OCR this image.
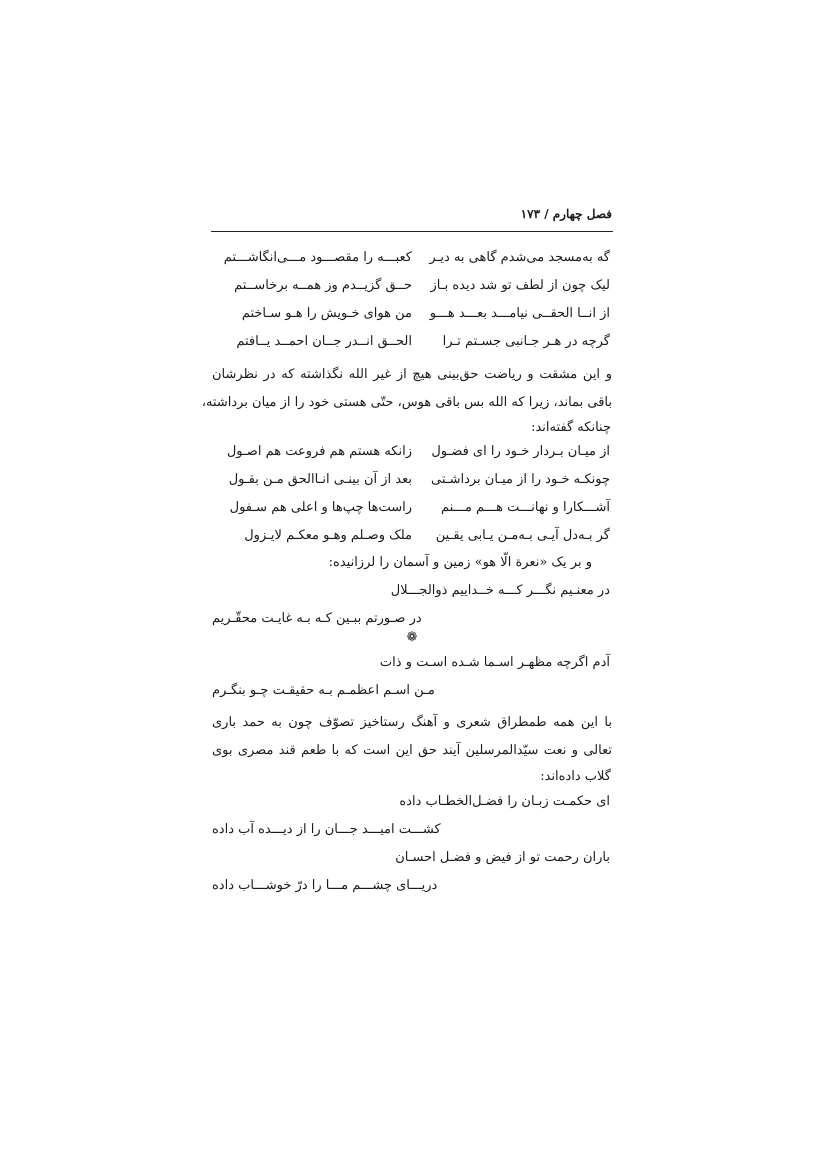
فصل چهارم / ۱۷۳
گه به‌مسجد می‌شدم گاهی به دیـر
کعبـــه را مقصـــود مـــی‌انگاشـــتم
لیک چون از لطف تو شد دیده بـاز
حــق گزیــدم وز همــه برخاســتم
از انــا الحقــی نیامـــد بعـــد هـــو
من هوای خـویش را هـو سـاختم
گرچه در هـر جـانبی جسـتم تـرا
الحــق انــدر جــان احمــد یــافتم
و این مشقت و ریاضت حق‌بینی هیچ از غیر الله نگذاشته که در نظرشان
باقی بماند، زیرا که الله بس باقی هوس، حتّی هستی خود را از میان برداشته،
چنانکه گفته‌اند:
از میـان بـردار خـود را ای فضـول
زانکه هستم هم فروعت هم اصـول
چونکـه خـود را از میـان برداشـتی
بعد از آن بینـی انـاالحق مـن بقـول
آشـــکارا و نهانـــت هـــم مـــنم
راست‌ها چپ‌ها و اعلی هم سـفول
گر بـه‌دل آیـی بـه‌مـن یـابی یقـین
ملک وصـلم وهـو معکـم لایـزول
و بر یک «نعرة الّا هو» زمین و آسمان را لرزانیده:
در معنـیم نگـــر کـــه خــداییم ذوالجـــلال
در صـورتم ببـین کـه بـه غایـت محقّـریم
❁
آدم اگرچه مظهـر اسـما شـده اسـت و ذات
مـن اسـم اعظمـم بـه حقیقـت چـو بنگـرم
با این همه طمطراق شعری و آهنگ رستاخیز تصوّف چون به حمد باری
تعالی و نعت سیّدالمرسلین آیند حق این است که با طعم قند مصری بوی
گلاب داده‌اند:
ای حکمـت زبـان را فضـل‌الخطـاب داده
کشـــت امیـــد جـــان را از دیـــده آب داده
باران رحمت تو از فیض و فضـل احسـان
دریـــای چشـــم مـــا را درّ خوشـــاب داده
